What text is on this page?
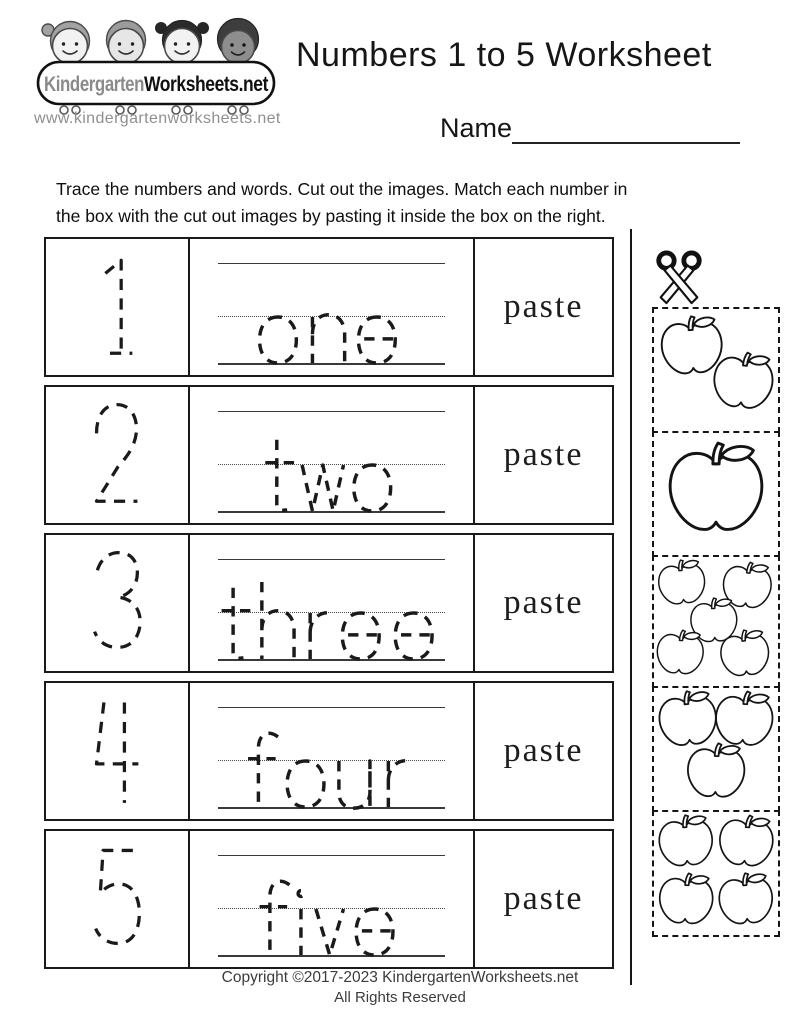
KindergartenWorksheets.net
www.kindergartenworksheets.net
Numbers 1 to 5 Worksheet
Name
Trace the numbers and words. Cut out the images. Match each number in
the box with the cut out images by pasting it inside the box on the right.
paste
paste
paste
paste
paste
Copyright ©2017-2023 KindergartenWorksheets.net
All Rights Reserved
